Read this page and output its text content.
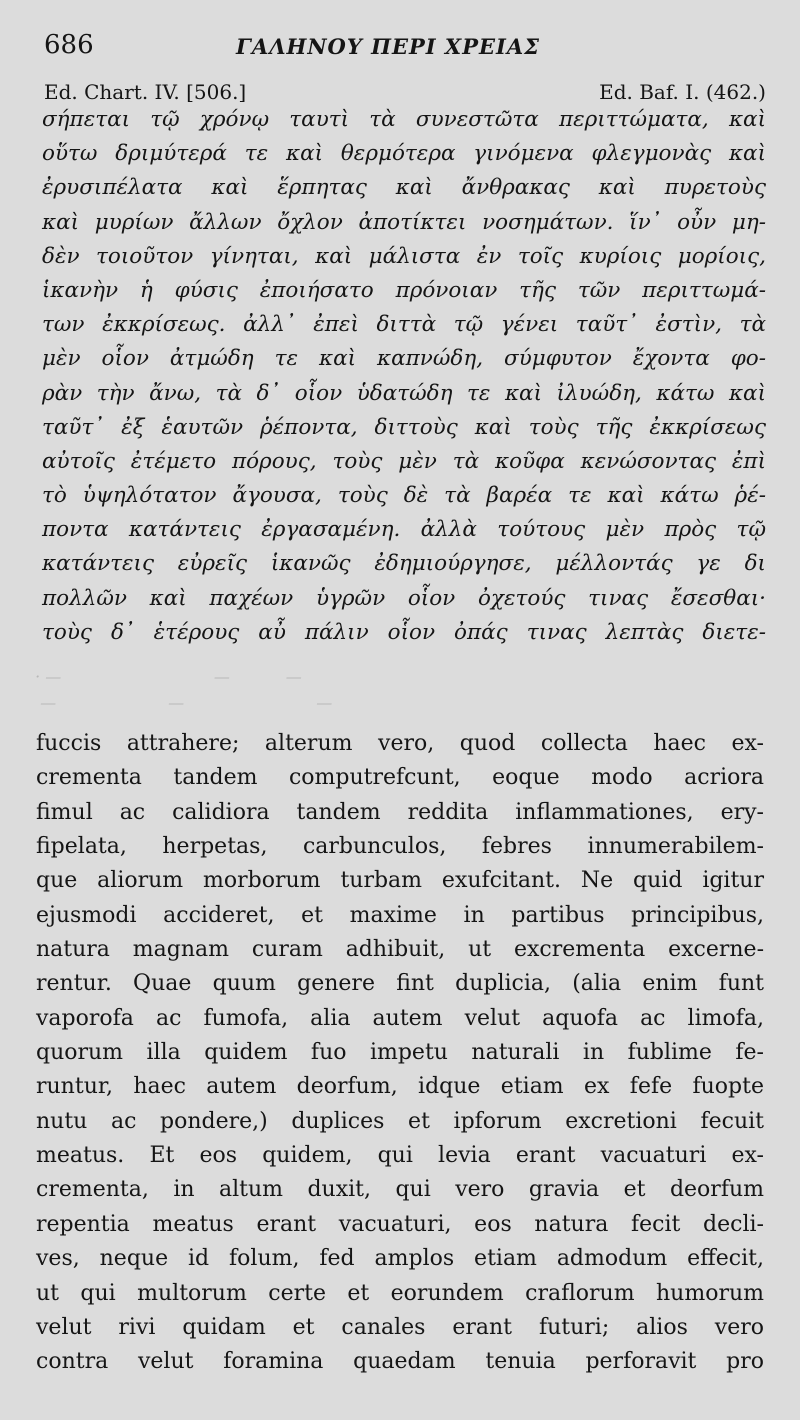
686	ΓΑΛΗΝΟΥ ΠΕΡΙ ΧΡΕΙΑΣ
Ed. Chart. IV. [506.]	Ed. Baf. I. (462.)
σήπεται τῷ χρόνῳ ταυτὶ τὰ συνεστῶτα περιττώματα, καὶ
οὕτω δριμύτερά τε καὶ θερμότερα γινόμενα φλεγμονὰς καὶ
ἐρυσιπέλατα καὶ ἕρπητας καὶ ἄνθρακας καὶ πυρετοὺς
καὶ μυρίων ἄλλων ὄχλον ἀποτίκτει νοσημάτων. ἵν᾽ οὖν μη-
δὲν τοιοῦτον γίνηται, καὶ μάλιστα ἐν τοῖς κυρίοις μορίοις,
ἱκανὴν ἡ φύσις ἐποιήσατο πρόνοιαν τῆς τῶν περιττωμά-
των ἐκκρίσεως. ἀλλ᾽ ἐπεὶ διττὰ τῷ γένει ταῦτ᾽ ἐστὶν, τὰ
μὲν οἷον ἀτμώδη τε καὶ καπνώδη, σύμφυτον ἔχοντα φο-
ρὰν τὴν ἄνω, τὰ δ᾽ οἷον ὑδατώδη τε καὶ ἰλυώδη, κάτω καὶ
ταῦτ᾽ ἐξ ἑαυτῶν ῥέποντα, διττοὺς καὶ τοὺς τῆς ἐκκρίσεως
αὐτοῖς ἐτέμετο πόρους, τοὺς μὲν τὰ κοῦφα κενώσοντας ἐπὶ
τὸ ὑψηλότατον ἄγουσα, τοὺς δὲ τὰ βαρέα τε καὶ κάτω ῥέ-
ποντα κατάντεις ἐργασαμένη. ἀλλὰ τούτους μὲν πρὸς τῷ
κατάντεις εὐρεῖς ἱκανῶς ἐδημιούργησε, μέλλοντάς γε δι
πολλῶν καὶ παχέων ὑγρῶν οἷον ὀχετούς τινας ἔσεσθαι·
τοὺς δ᾽ ἑτέρους αὖ πάλιν οἷον ὀπάς τινας λεπτὰς διετε-
· —                              —           —
—                      —                          —
fuccis attrahere; alterum vero, quod collecta haec ex-
crementa tandem computrefcunt, eoque modo acriora
fimul ac calidiora tandem reddita inflammationes, ery-
fipelata, herpetas, carbunculos, febres innumerabilem-
que aliorum morborum turbam exufcitant. Ne quid igitur
ejusmodi accideret, et maxime in partibus principibus,
natura magnam curam adhibuit, ut excrementa excerne-
rentur. Quae quum genere fint duplicia, (alia enim funt
vaporofa ac fumofa, alia autem velut aquofa ac limofa,
quorum illa quidem fuo impetu naturali in fublime fe-
runtur, haec autem deorfum, idque etiam ex fefe fuopte
nutu ac pondere,) duplices et ipforum excretioni fecuit
meatus. Et eos quidem, qui levia erant vacuaturi ex-
crementa, in altum duxit, qui vero gravia et deorfum
repentia meatus erant vacuaturi, eos natura fecit decli-
ves, neque id folum, fed amplos etiam admodum effecit,
ut qui multorum certe et eorundem craflorum humorum
velut rivi quidam et canales erant futuri; alios vero
contra velut foramina quaedam tenuia perforavit pro
